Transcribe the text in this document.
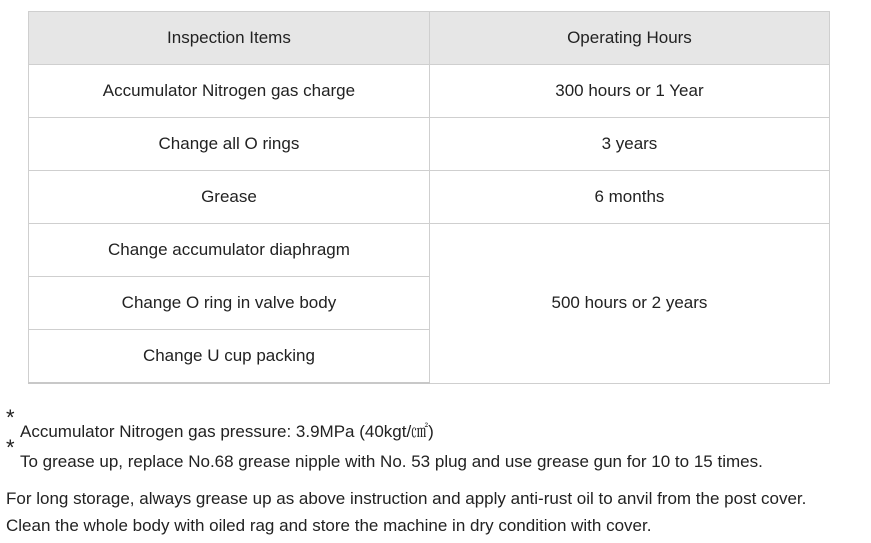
Inspection Items	Operating Hours
Accumulator Nitrogen gas charge	300 hours or 1 Year
Change all O rings	3 years
Grease	6 months
Change accumulator diaphragm	500 hours or 2 years
Change O ring in valve body	
Change U cup packing	
*
Accumulator Nitrogen gas pressure: 3.9MPa (40kgt/㎠)
*
To grease up, replace No.68 grease nipple with No. 53 plug and use grease gun for 10 to 15 times.
For long storage, always grease up as above instruction and apply anti-rust oil to anvil from the post cover.
Clean the whole body with oiled rag and store the machine in dry condition with cover.
